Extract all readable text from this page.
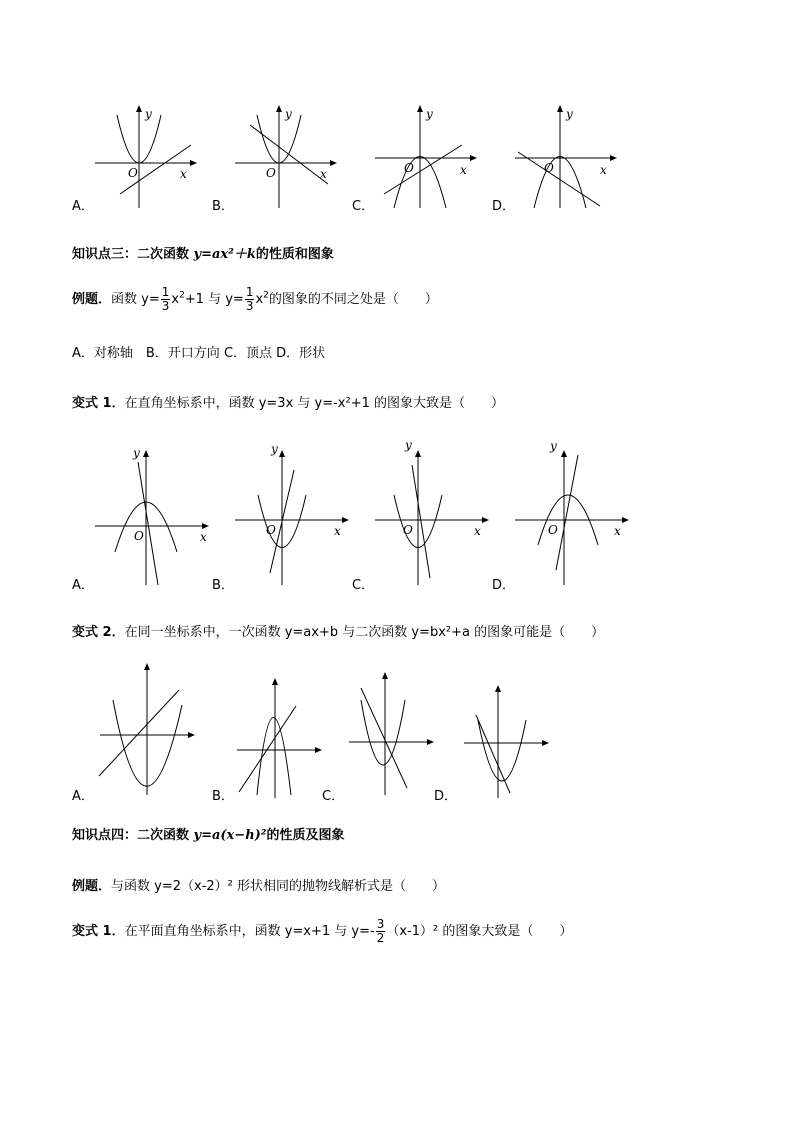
y
x
O
y
x
O
y
x
O
y
x
O
A．	B．	C．	D．
知识点三：二次函数 y=ax²＋k的性质和图象
例题．函数 $y= \frac{1}{3} x^2+1$ 与 $y= \frac{1}{3} x^2$的图象的不同之处是（　　）
A．对称轴　B．开口方向 C．顶点 D．形状
变式 1．在直角坐标系中，函数 y=3x 与 y=-x²+1 的图象大致是（　　）
y
x
O
y
x
O
y
x
O
y
x
O
A．	B．	C．	D．
变式 2．在同一坐标系中，一次函数 y=ax+b 与二次函数 y=bx²+a 的图象可能是（　　）
A．	B．	C．	D．
知识点四：二次函数 y=a(x−h)²的性质及图象
例题．与函数 y=2（x-2）² 形状相同的抛物线解析式是（　　）
变式 1．在平面直角坐标系中，函数 y=x+1 与 $y=- \frac{3}{2} (x-1)^2$ 的图象大致是（　　）
